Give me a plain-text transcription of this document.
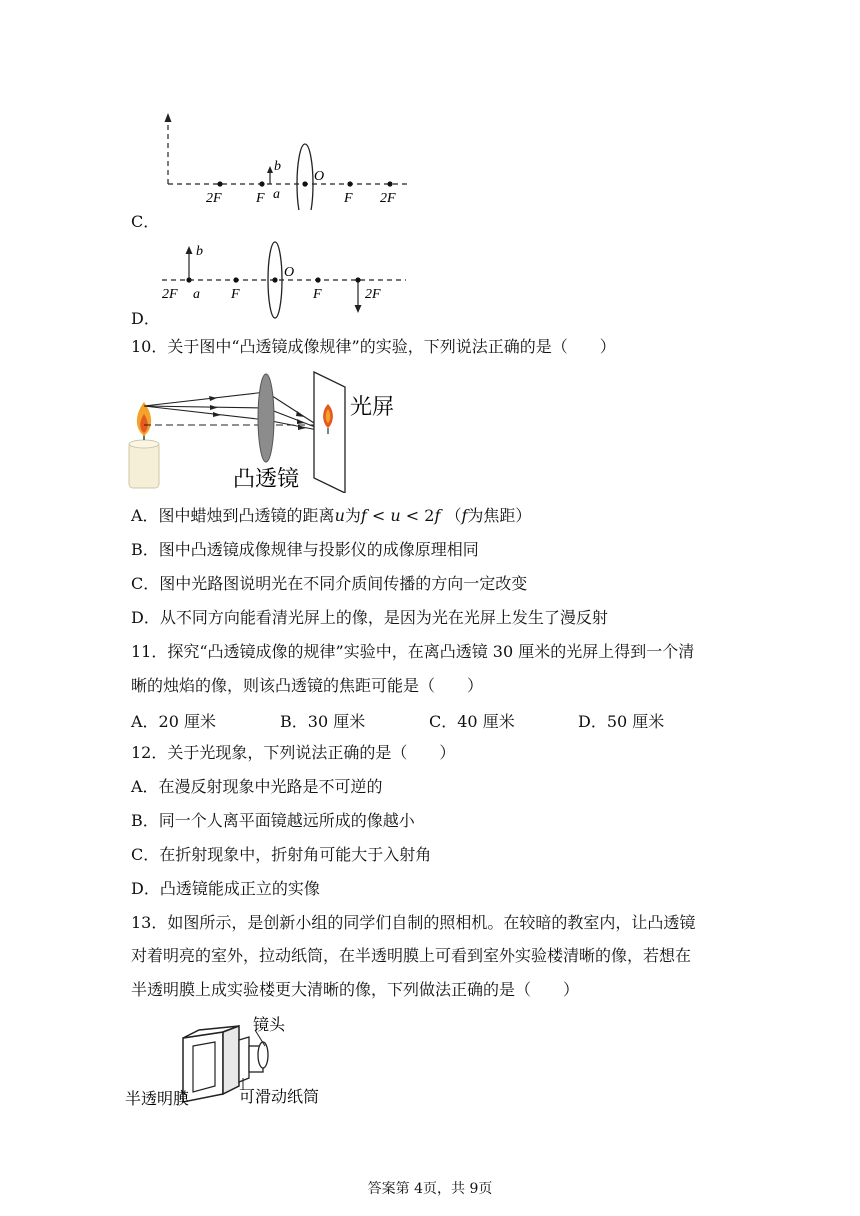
b
a
O
2F F	F 2F
C．
b
a
O
2F	F	F	2F
D．
10．关于图中“凸透镜成像规律”的实验，下列说法正确的是（　　）
光屏
凸透镜
A．图中蜡烛到凸透镜的距离u为f < u < 2f （f为焦距）
B．图中凸透镜成像规律与投影仪的成像原理相同
C．图中光路图说明光在不同介质间传播的方向一定改变
D．从不同方向能看清光屏上的像，是因为光在光屏上发生了漫反射
11．探究“凸透镜成像的规律”实验中，在离凸透镜 30 厘米的光屏上得到一个清
晰的烛焰的像，则该凸透镜的焦距可能是（　　）
A．20 厘米	B．30 厘米	C．40 厘米	D．50 厘米
12．关于光现象，下列说法正确的是（　　）
A．在漫反射现象中光路是不可逆的
B．同一个人离平面镜越远所成的像越小
C．在折射现象中，折射角可能大于入射角
D．凸透镜能成正立的实像
13．如图所示，是创新小组的同学们自制的照相机。在较暗的教室内，让凸透镜
对着明亮的室外，拉动纸筒，在半透明膜上可看到室外实验楼清晰的像，若想在
半透明膜上成实验楼更大清晰的像，下列做法正确的是（　　）
镜头
半透明膜	可滑动纸筒
答案第 4页，共 9页
